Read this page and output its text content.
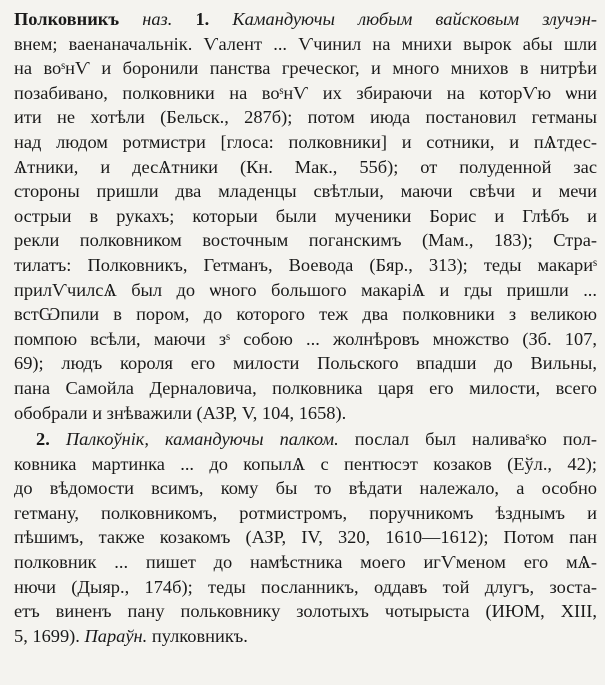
Полковникъ наз. 1. Камандуючы любым вайсковым злучэн-
внем; ваенаначальнік. Ѵалент ... Ѵчинил на мнихи вырок абы шли
на воˢнѴ и боронили панства греческог, и много мнихов в нитрѣи
позабивано, полковники на воˢнѴ их збираючи на которѴю ѡни
ити не хотѣли (Бельск., 287б); потом июда постановил гетманы
над людом ротмистри [глоса: полковники] и сотники, и пѦтдес-
Ѧтники, и десѦтники (Кн. Мак., 55б); от полуденной зас
стороны пришли два младенцы свѣтлыи, маючи свѣчи и мечи
острыи в рукахъ; которыи были мученики Борис и Глѣбъ и
рекли полковником восточным поганскимъ (Мам., 183); Стра-
тилатъ: Полковникъ, Гетманъ, Воевода (Бяр., 313); теды макариˢ
прилѴчилсѦ был до ѡного большого макаріѦ и гды пришли ...
встѠпили в пором, до которого теж два полковники з великою
помпою всѣли, маючи зˢ собою ... жолнѣровъ множство (Зб. 107,
69); людъ короля его милости Польского впадши до Вильны,
пана Самойла Дерналовича, полковника царя его милости, всего
обобрали и знѣважили (АЗР, V, 104, 1658).

2. Палкоўнік, камандуючы палком. послал был наливаˢко пол-
ковника мартинка ... до копылѦ с пентюсэт козаков (Еўл., 42);
до вѣдомости всимъ, кому бы то вѣдати належало, а особно
гетману, полковникомъ, ротмистромъ, поручникомъ ѣзднымъ и
пѣшимъ, также козакомъ (АЗР, IV, 320, 1610—1612); Потом пан
полковник ... пишет до намѣстника моего игѴменом его мѦ-
нючи (Дыяр., 174б); теды посланникъ, оддавъ той длугъ, зоста-
етъ виненъ пану польковнику золотыхъ чотырыста (ИЮМ, XIII,
5, 1699). Параўн. пулковникъ.
